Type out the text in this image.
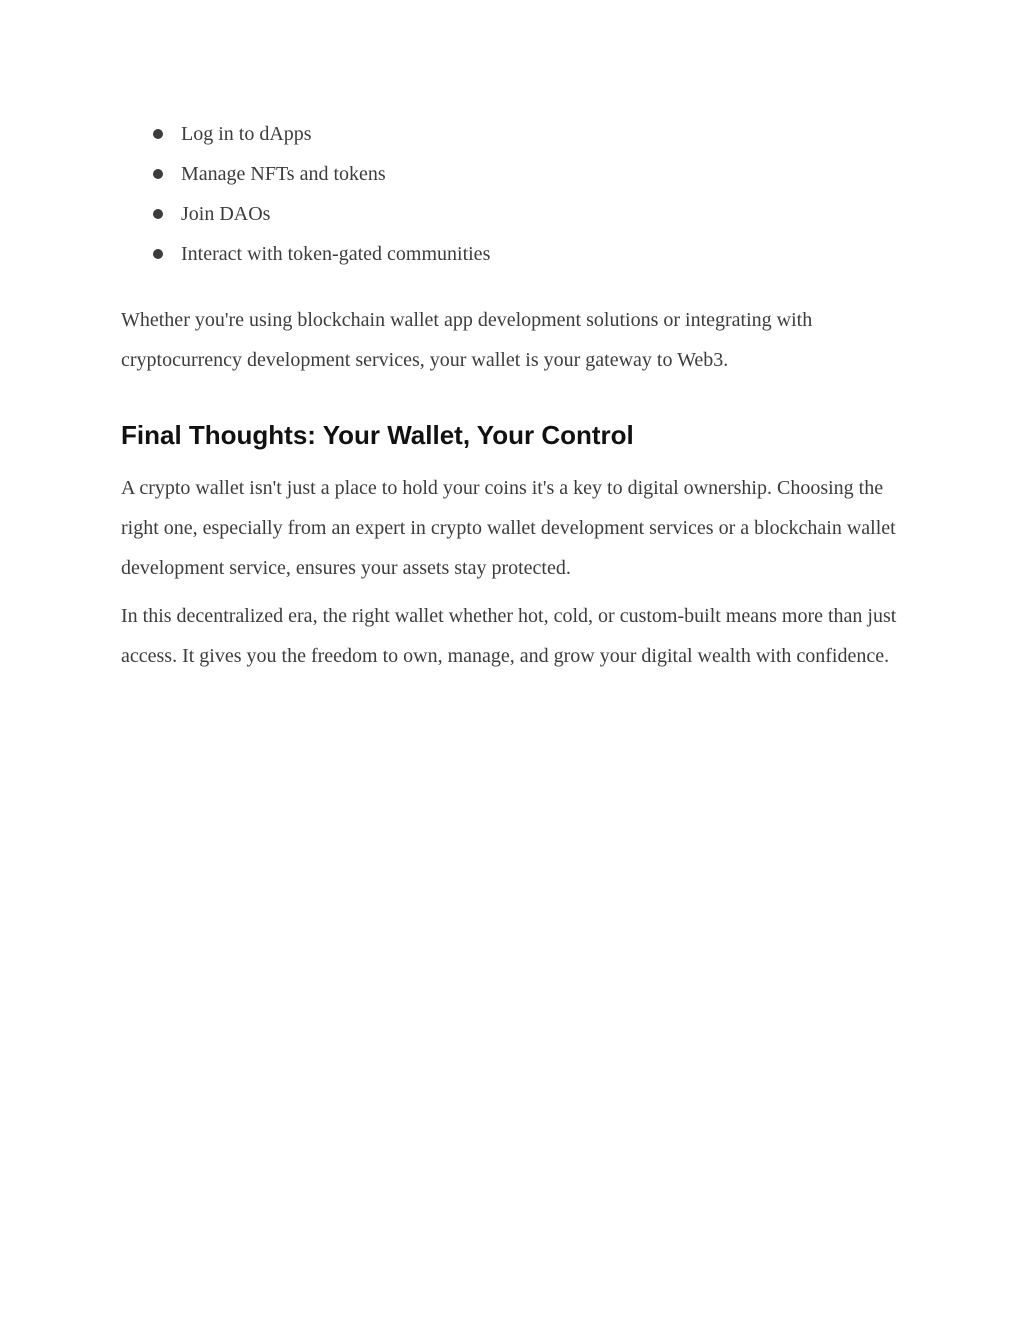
Log in to dApps
Manage NFTs and tokens
Join DAOs
Interact with token-gated communities

Whether you're using blockchain wallet app development solutions or integrating with cryptocurrency development services, your wallet is your gateway to Web3.

Final Thoughts: Your Wallet, Your Control

A crypto wallet isn't just a place to hold your coins it's a key to digital ownership. Choosing the right one, especially from an expert in crypto wallet development services or a blockchain wallet development service, ensures your assets stay protected.

In this decentralized era, the right wallet whether hot, cold, or custom-built means more than just access. It gives you the freedom to own, manage, and grow your digital wealth with confidence.
